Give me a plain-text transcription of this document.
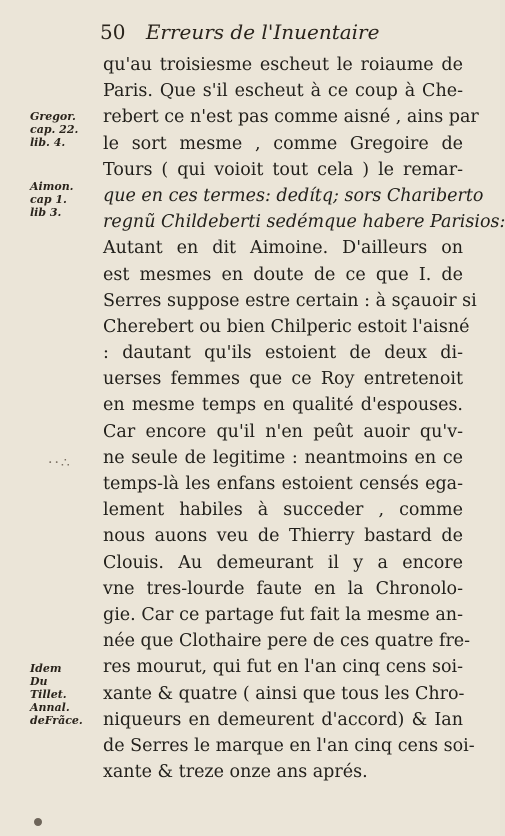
50 Erreurs de l'Inuentaire
qu'au troisiesme escheut le roiaume de
Paris. Que s'il escheut à ce coup à Che-
rebert ce n'est pas comme aisné , ains par
le sort mesme , comme Gregoire de
Tours ( qui voioit tout cela ) le remar-
que en ces termes: dedítq; sors Chariberto
regnũ Childeberti sedémque habere Parisios:
Autant en dit Aimoine. D'ailleurs on
est mesmes en doute de ce que I. de
Serres suppose estre certain : à sçauoir si
Cherebert ou bien Chilperic estoit l'aisné
: dautant qu'ils estoient de deux di-
uerses femmes que ce Roy entretenoit
en mesme temps en qualité d'espouses.
Car encore qu'il n'en peût auoir qu'v-
ne seule de legitime : neantmoins en ce
temps-là les enfans estoient censés ega-
lement habiles à succeder , comme
nous auons veu de Thierry bastard de
Clouis. Au demeurant il y a encore
vne tres-lourde faute en la Chronolo-
gie. Car ce partage fut fait la mesme an-
née que Clothaire pere de ces quatre fre-
res mourut, qui fut en l'an cinq cens soi-
xante & quatre ( ainsi que tous les Chro-
niqueurs en demeurent d'accord) & Ian
de Serres le marque en l'an cinq cens soi-
xante & treze onze ans aprés.
Gregor.
cap. 22.
lib. 4.
Aimon.
cap 1.
lib 3.
Idem
Du
Tillet.
Annal.
deFrãce.
··∴
